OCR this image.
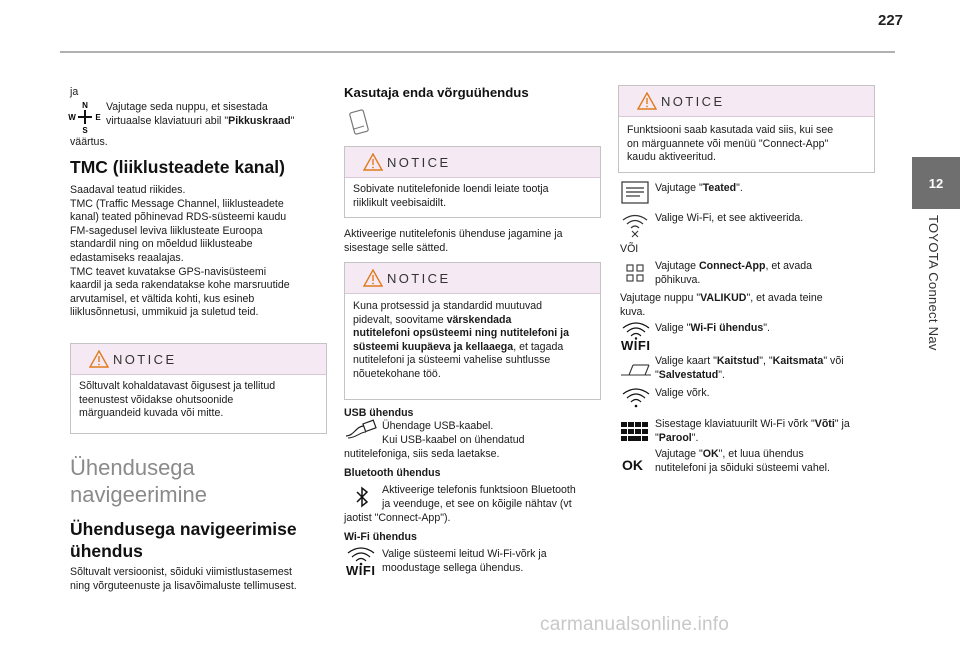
227
12
TOYOTA Connect Nav
ja
N
S
W E
Vajutage seda nuppu, et sisestada
virtuaalse klaviatuuri abil "Pikkuskraad"
väärtus.
TMC (liiklusteadete kanal)
Saadaval teatud riikides.
TMC (Traffic Message Channel, liiklusteadete
kanal) teated põhinevad RDS-süsteemi kaudu
FM-sagedusel leviva liiklusteate Euroopa
standardil ning on mõeldud liiklusteabe
edastamiseks reaalajas.
TMC teavet kuvatakse GPS-navisüsteemi
kaardil ja seda rakendatakse kohe marsruutide
arvutamisel, et vältida kohti, kus esineb
liiklusõnnetusi, ummikuid ja suletud teid.
NOTICE
Sõltuvalt kohaldatavast õigusest ja tellitud
teenustest võidakse ohutsoonide
märguandeid kuvada või mitte.
Ühendusega
navigeerimine
Ühendusega navigeerimise
ühendus
Sõltuvalt versioonist, sõiduki viimistlustasemest
ning võrguteenuste ja lisavõimaluste tellimusest.
Kasutaja enda võrguühendus
NOTICE
Sobivate nutitelefonide loendi leiate tootja
riiklikult veebisaidilt.
Aktiveerige nutitelefonis ühenduse jagamine ja
sisestage selle sätted.
NOTICE
Kuna protsessid ja standardid muutuvad
pidevalt, soovitame värskendada
nutitelefoni opsüsteemi ning nutitelefoni ja
süsteemi kuupäeva ja kellaaega, et tagada
nutitelefoni ja süsteemi vahelise suhtlusse
nõuetekohane töö.
USB ühendus
Ühendage USB-kaabel.
Kui USB-kaabel on ühendatud
nutitelefoniga, siis seda laetakse.
Bluetooth ühendus
Aktiveerige telefonis funktsioon Bluetooth
ja veenduge, et see on kõigile nähtav (vt
jaotist "Connect-App").
Wi-Fi ühendus
WIFI
Valige süsteemi leitud Wi-Fi-võrk ja
moodustage sellega ühendus.
NOTICE
Funktsiooni saab kasutada vaid siis, kui see
on märguannete või menüü "Connect-App"
kaudu aktiveeritud.
Vajutage "Teated".
Valige Wi-Fi, et see aktiveerida.
VÕI
Vajutage Connect-App, et avada
põhikuva.
Vajutage nuppu "VALIKUD", et avada teine
kuva.
WIFI
Valige "Wi-Fi ühendus".
Valige kaart "Kaitstud", "Kaitsmata" või
"Salvestatud".
Valige võrk.
Sisestage klaviatuurilt Wi-Fi võrk "Võti" ja
"Parool".
OK
Vajutage "OK", et luua ühendus
nutitelefoni ja sõiduki süsteemi vahel.
carmanualsonline.info
